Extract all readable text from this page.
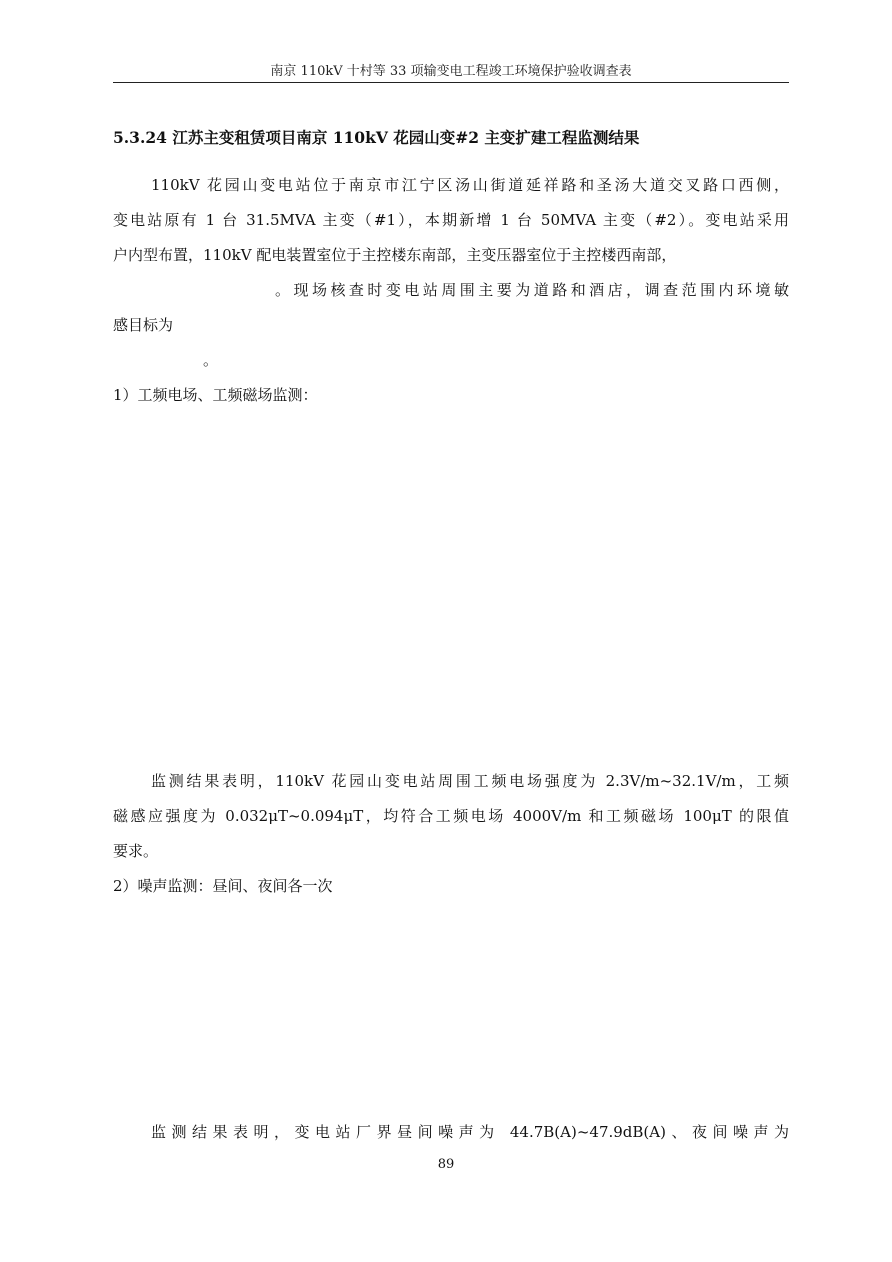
南京 110kV 十村等 33 项输变电工程竣工环境保护验收调查表
5.3.24 江苏主变租赁项目南京 110kV 花园山变#2 主变扩建工程监测结果
110kV 花园山变电站位于南京市江宁区汤山街道延祥路和圣汤大道交叉路口西侧，
变电站原有 1 台 31.5MVA 主变（#1），本期新增 1 台 50MVA 主变（#2）。变电站采用
户内型布置，110kV 配电装置室位于主控楼东南部，主变压器室位于主控楼西南部，
。现场核查时变电站周围主要为道路和酒店，调查范围内环境敏
感目标为
。
1）工频电场、工频磁场监测：
监测结果表明，110kV 花园山变电站周围工频电场强度为 2.3V/m~32.1V/m，工频
磁感应强度为 0.032μT~0.094μT，均符合工频电场 4000V/m 和工频磁场 100μT 的限值
要求。
2）噪声监测：昼间、夜间各一次
监测结果表明，变电站厂界昼间噪声为 44.7B(A)~47.9dB(A)、夜间噪声为
89
